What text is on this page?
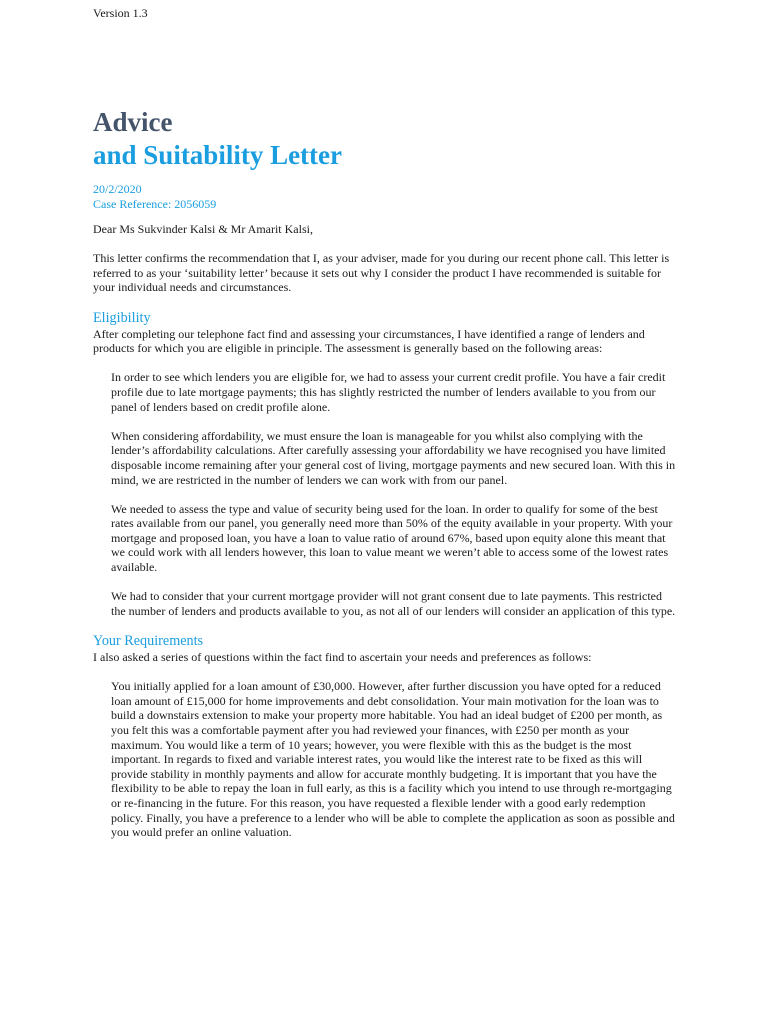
Version 1.3
Advice
and Suitability Letter
20/2/2020
Case Reference: 2056059

Dear Ms Sukvinder Kalsi & Mr Amarit Kalsi,

This letter confirms the recommendation that I, as your adviser, made for you during our recent phone call. This letter is referred to as your ‘suitability letter’ because it sets out why I consider the product I have recommended is suitable for your individual needs and circumstances.

Eligibility

After completing our telephone fact find and assessing your circumstances, I have identified a range of lenders and products for which you are eligible in principle. The assessment is generally based on the following areas:

In order to see which lenders you are eligible for, we had to assess your current credit profile. You have a fair credit profile due to late mortgage payments; this has slightly restricted the number of lenders available to you from our panel of lenders based on credit profile alone.

When considering affordability, we must ensure the loan is manageable for you whilst also complying with the lender’s affordability calculations. After carefully assessing your affordability we have recognised you have limited disposable income remaining after your general cost of living, mortgage payments and new secured loan. With this in mind, we are restricted in the number of lenders we can work with from our panel.

We needed to assess the type and value of security being used for the loan. In order to qualify for some of the best rates available from our panel, you generally need more than 50% of the equity available in your property. With your mortgage and proposed loan, you have a loan to value ratio of around 67%, based upon equity alone this meant that we could work with all lenders however, this loan to value meant we weren’t able to access some of the lowest rates available.

We had to consider that your current mortgage provider will not grant consent due to late payments. This restricted the number of lenders and products available to you, as not all of our lenders will consider an application of this type.

Your Requirements

I also asked a series of questions within the fact find to ascertain your needs and preferences as follows:

You initially applied for a loan amount of £30,000. However, after further discussion you have opted for a reduced loan amount of £15,000 for home improvements and debt consolidation. Your main motivation for the loan was to build a downstairs extension to make your property more habitable. You had an ideal budget of £200 per month, as you felt this was a comfortable payment after you had reviewed your finances, with £250 per month as your maximum. You would like a term of 10 years; however, you were flexible with this as the budget is the most important. In regards to fixed and variable interest rates, you would like the interest rate to be fixed as this will provide stability in monthly payments and allow for accurate monthly budgeting. It is important that you have the flexibility to be able to repay the loan in full early, as this is a facility which you intend to use through re-mortgaging or re-financing in the future. For this reason, you have requested a flexible lender with a good early redemption policy. Finally, you have a preference to a lender who will be able to complete the application as soon as possible and you would prefer an online valuation.
